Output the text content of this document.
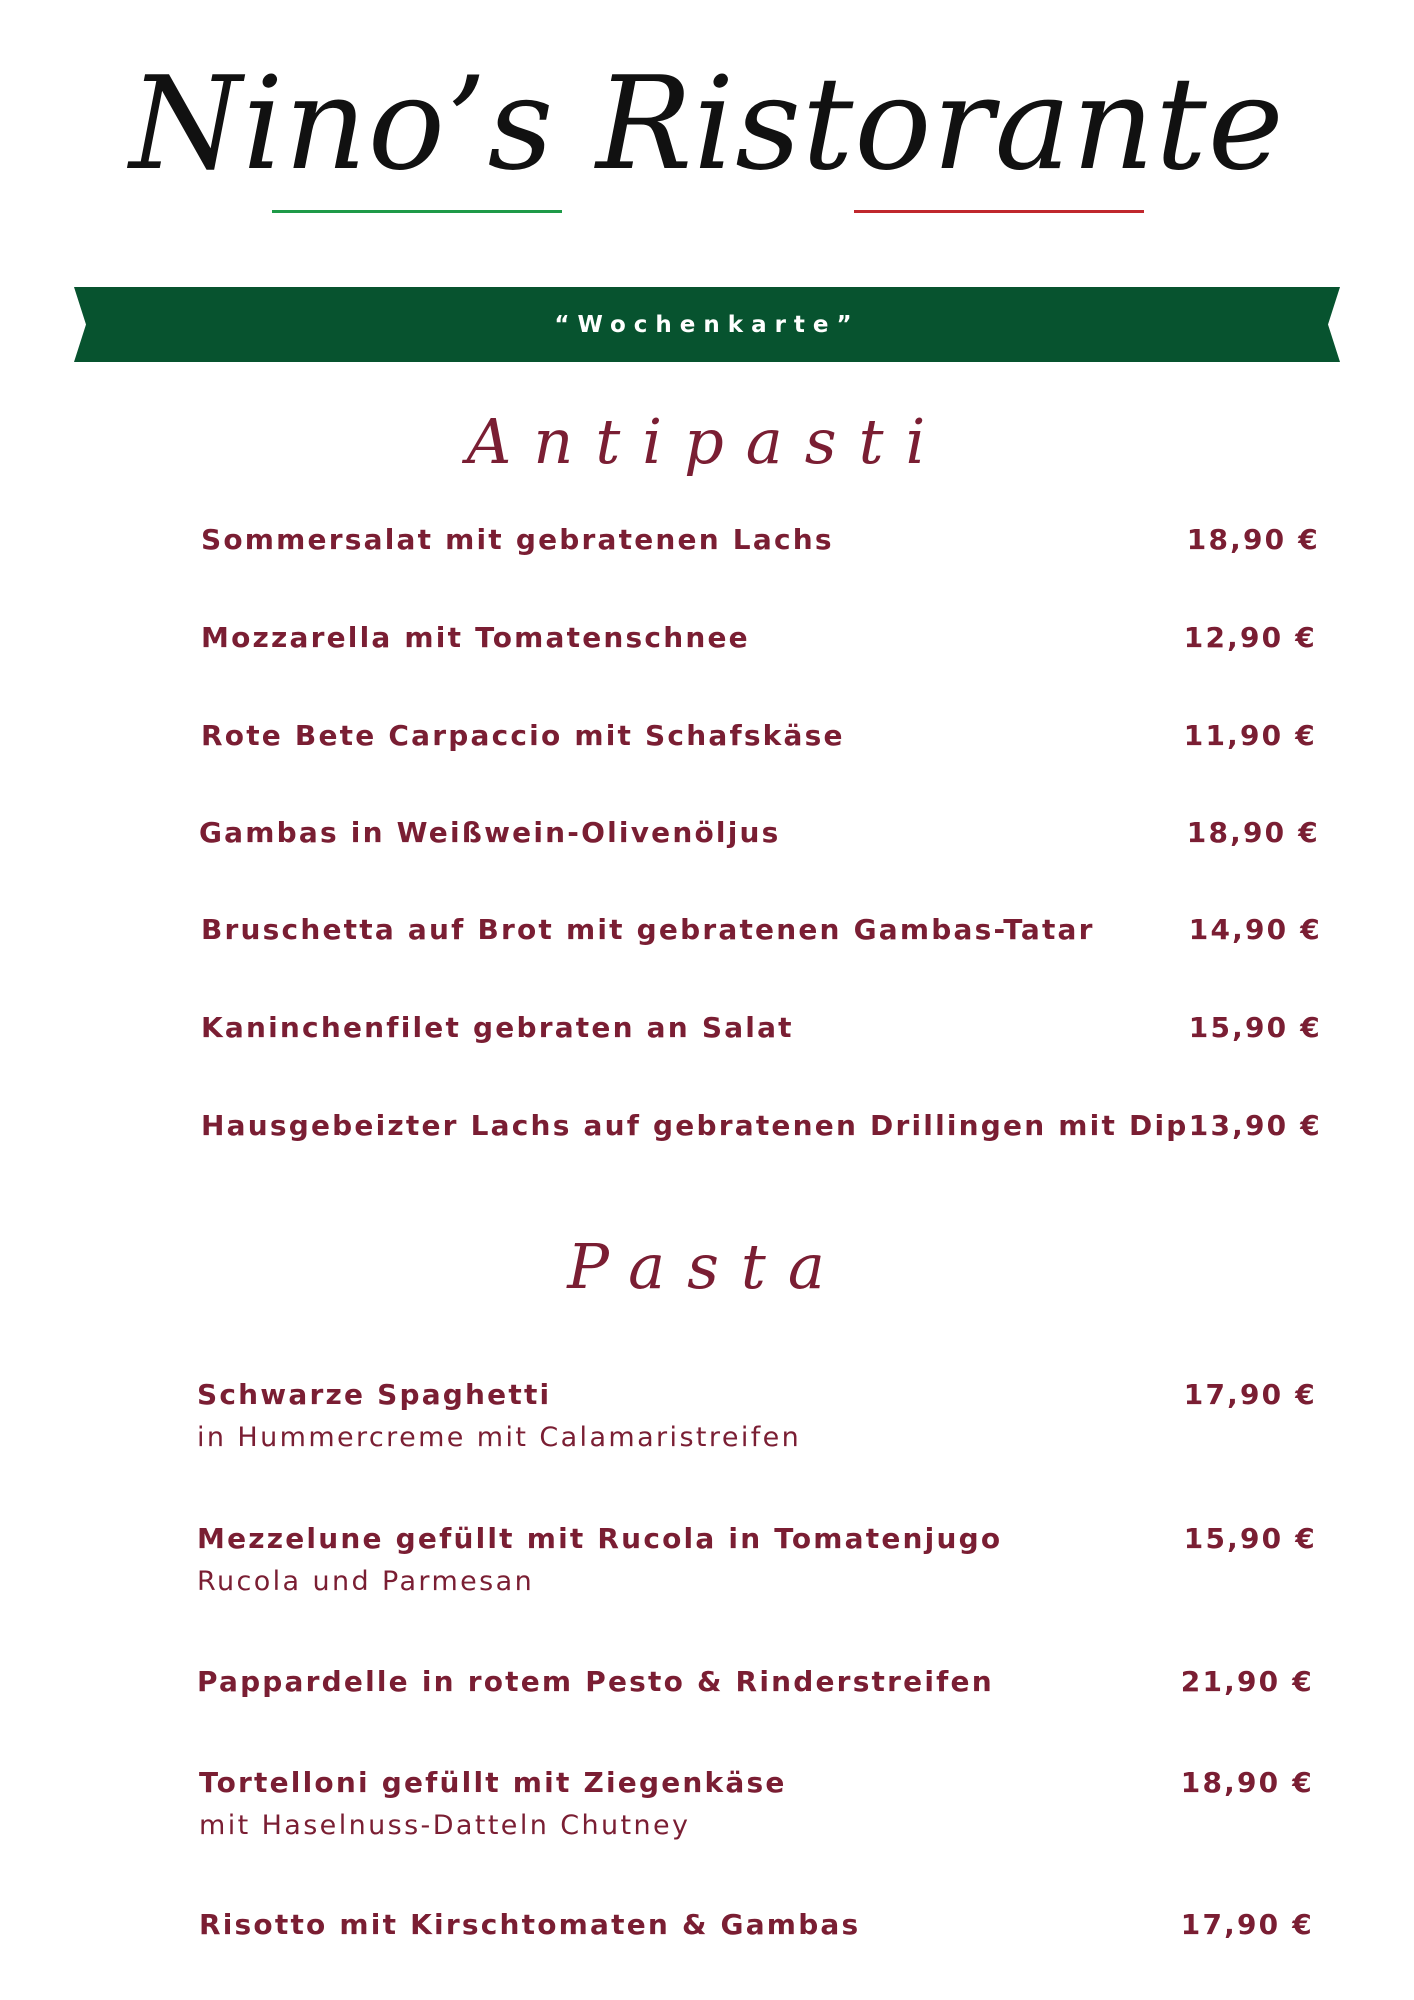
Nino’s Ristorante
“Wochenkarte”
Antipasti
Sommersalat mit gebratenen Lachs	18,90 €
Mozzarella mit Tomatenschnee	12,90 €
Rote Bete Carpaccio mit Schafskäse	11,90 €
Gambas in Weißwein-Olivenöljus	18,90 €
Bruschetta auf Brot mit gebratenen Gambas-Tatar	14,90 €
Kaninchenfilet gebraten an Salat	15,90 €
Hausgebeizter Lachs auf gebratenen Drillingen mit Dip 13,90 €
Pasta
Schwarze Spaghetti
in Hummercreme mit Calamaristreifen
17,90 €
Mezzelune gefüllt mit Rucola in Tomatenjugo
Rucola und Parmesan
15,90 €
Pappardelle in rotem Pesto & Rinderstreifen	21,90 €
Tortelloni gefüllt mit Ziegenkäse
mit Haselnuss-Datteln Chutney
18,90 €
Risotto mit Kirschtomaten & Gambas	17,90 €
